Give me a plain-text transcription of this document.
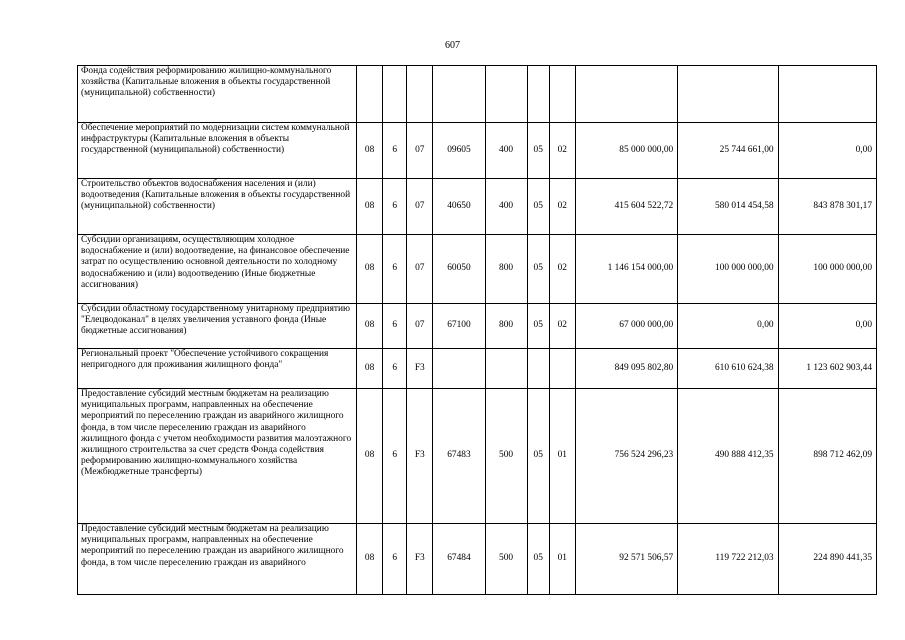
607
Фонда содействия реформированию жилищно-коммунального хозяйства (Капитальные вложения в объекты государственной (муниципальной) собственности)										
Обеспечение мероприятий по модернизации систем коммунальной инфраструктуры (Капитальные вложения в объекты государственной (муниципальной) собственности)	08	6	07	09605	400	05	02	85 000 000,00	25 744 661,00	0,00
Строительство объектов водоснабжения населения и (или) водоотведения (Капитальные вложения в объекты государственной (муниципальной) собственности)	08	6	07	40650	400	05	02	415 604 522,72	580 014 454,58	843 878 301,17
Субсидии организациям, осуществляющим холодное водоснабжение и (или) водоотведение, на финансовое обеспечение затрат по осуществлению основной деятельности по холодному водоснабжению и (или) водоотведению (Иные бюджетные ассигнования)	08	6	07	60050	800	05	02	1 146 154 000,00	100 000 000,00	100 000 000,00
Субсидии областному государственному унитарному предприятию "Елецводоканал" в целях увеличения уставного фонда (Иные бюджетные ассигнования)	08	6	07	67100	800	05	02	67 000 000,00	0,00	0,00
Региональный проект "Обеспечение устойчивого сокращения непригодного для проживания жилищного фонда"	08	6	F3					849 095 802,80	610 610 624,38	1 123 602 903,44
Предоставление субсидий местным бюджетам на реализацию муниципальных программ, направленных на обеспечение мероприятий по переселению граждан из аварийного жилищного фонда, в том числе переселению граждан из аварийного жилищного фонда с учетом необходимости развития малоэтажного жилищного строительства за счет средств Фонда содействия реформированию жилищно-коммунального хозяйства (Межбюджетные трансферты)	08	6	F3	67483	500	05	01	756 524 296,23	490 888 412,35	898 712 462,09
Предоставление субсидий местным бюджетам на реализацию муниципальных программ, направленных на обеспечение мероприятий по переселению граждан из аварийного жилищного фонда, в том числе переселению граждан из аварийного	08	6	F3	67484	500	05	01	92 571 506,57	119 722 212,03	224 890 441,35
